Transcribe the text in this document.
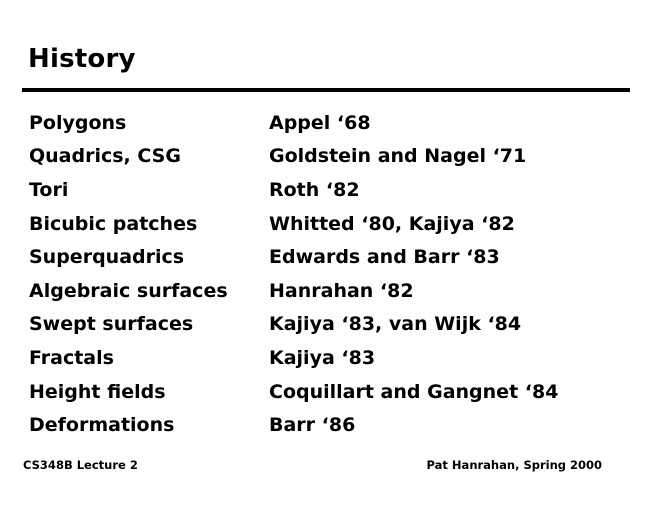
History
Polygons	Appel ‘68
Quadrics, CSG	Goldstein and Nagel ‘71
Tori	Roth ‘82
Bicubic patches	Whitted ‘80, Kajiya ‘82
Superquadrics	Edwards and Barr ‘83
Algebraic surfaces	Hanrahan ‘82
Swept surfaces	Kajiya ‘83, van Wijk ‘84
Fractals	Kajiya ‘83
Height fields	Coquillart and Gangnet ‘84
Deformations	Barr ‘86
CS348B Lecture 2	Pat Hanrahan, Spring 2000
